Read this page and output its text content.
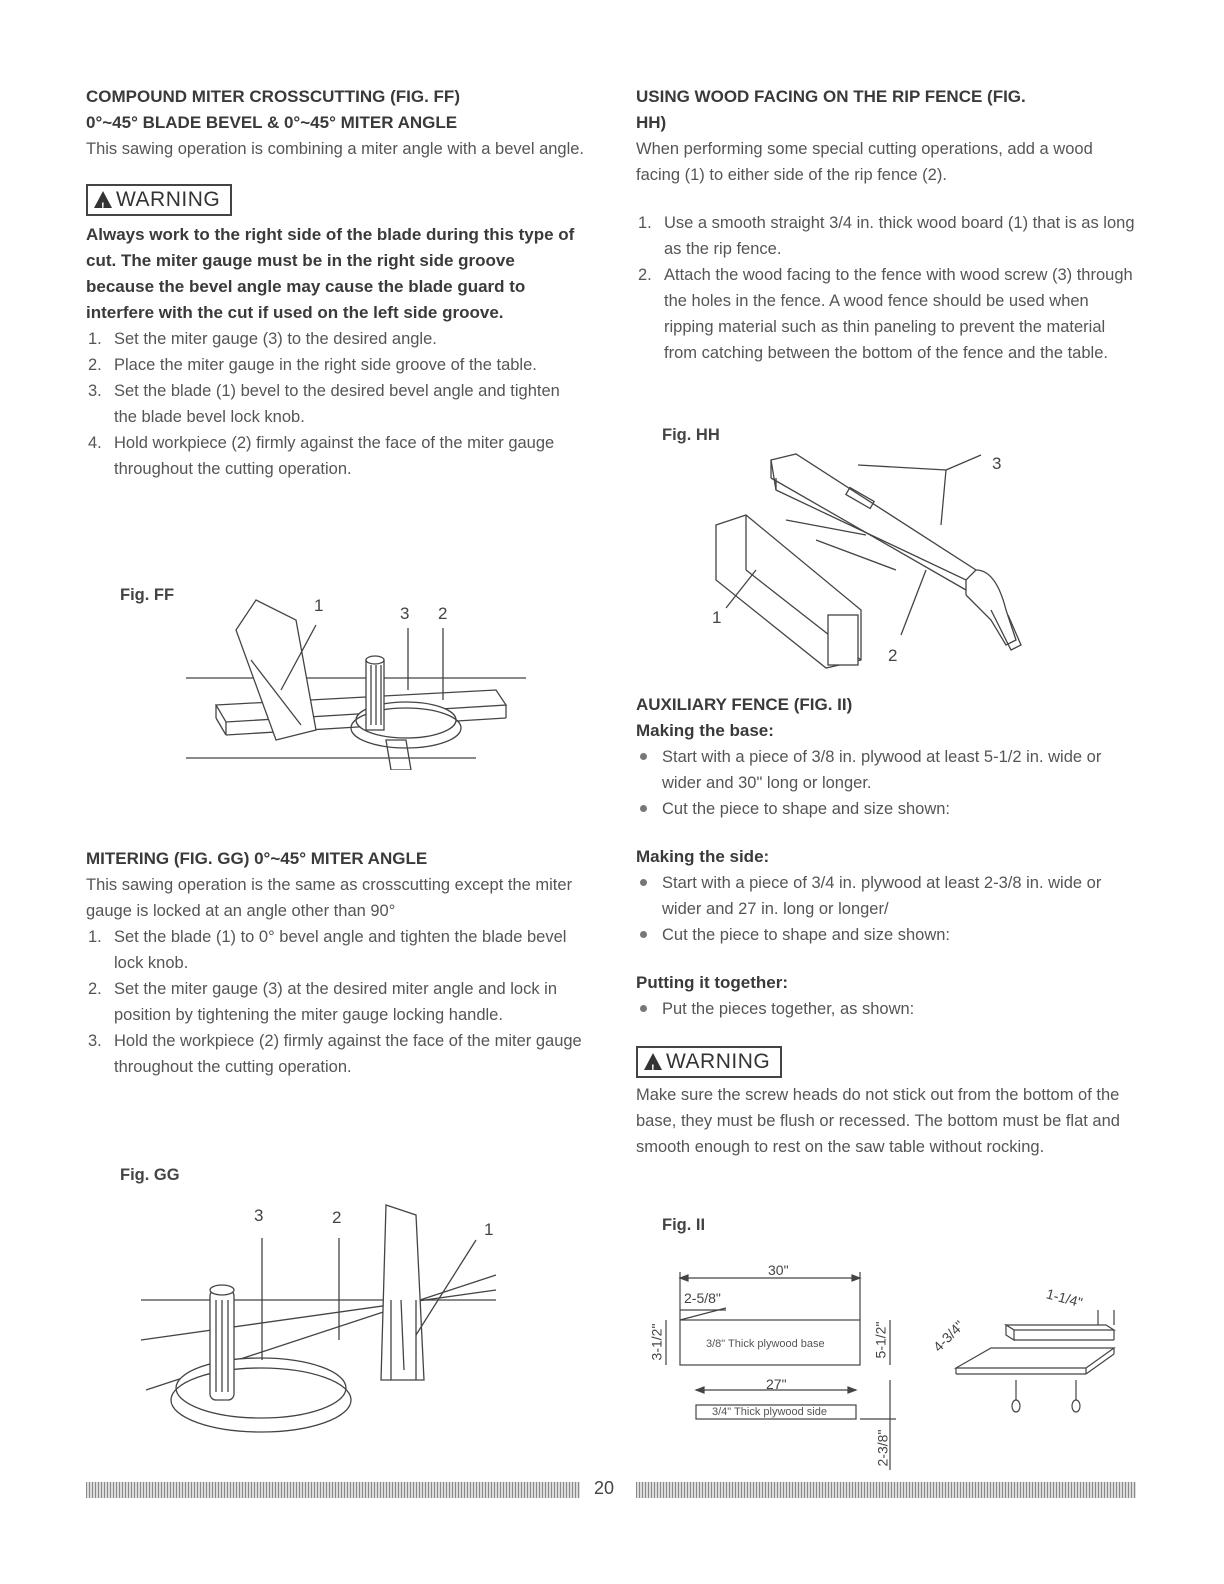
COMPOUND MITER CROSSCUTTING (FIG. FF)

0°~45° BLADE BEVEL & 0°~45° MITER ANGLE

This sawing operation is combining a miter angle with a bevel angle.

!WARNING

Always work to the right side of the blade during this type of cut. The miter gauge must be in the right side groove because the bevel angle may cause the blade guard to interfere with the cut if used on the left side groove.

1. Set the miter gauge (3) to the desired angle.
2. Place the miter gauge in the right side groove of the table.
3. Set the blade (1) bevel to the desired bevel angle and tighten the blade bevel lock knob.
4. Hold workpiece (2) firmly against the face of the miter gauge throughout the cutting operation.
Fig. FF
1	3 2

MITERING (FIG. GG) 0°~45° MITER ANGLE

This sawing operation is the same as crosscutting except the miter gauge is locked at an angle other than 90°

1. Set the blade (1) to 0° bevel angle and tighten the blade bevel lock knob.
2. Set the miter gauge (3) at the desired miter angle and lock in position by tightening the miter gauge locking handle.
3. Hold the workpiece (2) firmly against the face of the miter gauge throughout the cutting operation.
Fig. GG
3	2
1

USING WOOD FACING ON THE RIP FENCE (FIG. HH)

When performing some special cutting operations, add a wood facing (1) to either side of the rip fence (2).

1. Use a smooth straight 3/4 in. thick wood board (1) that is as long as the rip fence.
2. Attach the wood facing to the fence with wood screw (3) through the holes in the fence. A wood fence should be used when ripping material such as thin paneling to prevent the material from catching between the bottom of the fence and the table.
Fig. HH
3
1
2

AUXILIARY FENCE (FIG. II)

Making the base:

Start with a piece of 3/8 in. plywood at least 5-1/2 in. wide or wider and 30" long or longer.
Cut the piece to shape and size shown:

Making the side:

Start with a piece of 3/4 in. plywood at least 2-3/8 in. wide or wider and 27 in. long or longer/
Cut the piece to shape and size shown:

Putting it together:

Put the pieces together, as shown:
!WARNING

Make sure the screw heads do not stick out from the bottom of the base, they must be flush or recessed. The bottom must be flat and smooth enough to rest on the saw table without rocking.

Fig. II
30"
2-5/8"
3-1/2"	5-1/2"
3/8" Thick plywood base
27"
3/4" Thick plywood side
2-3/8"
1-1/4"
4-3/4"
20
